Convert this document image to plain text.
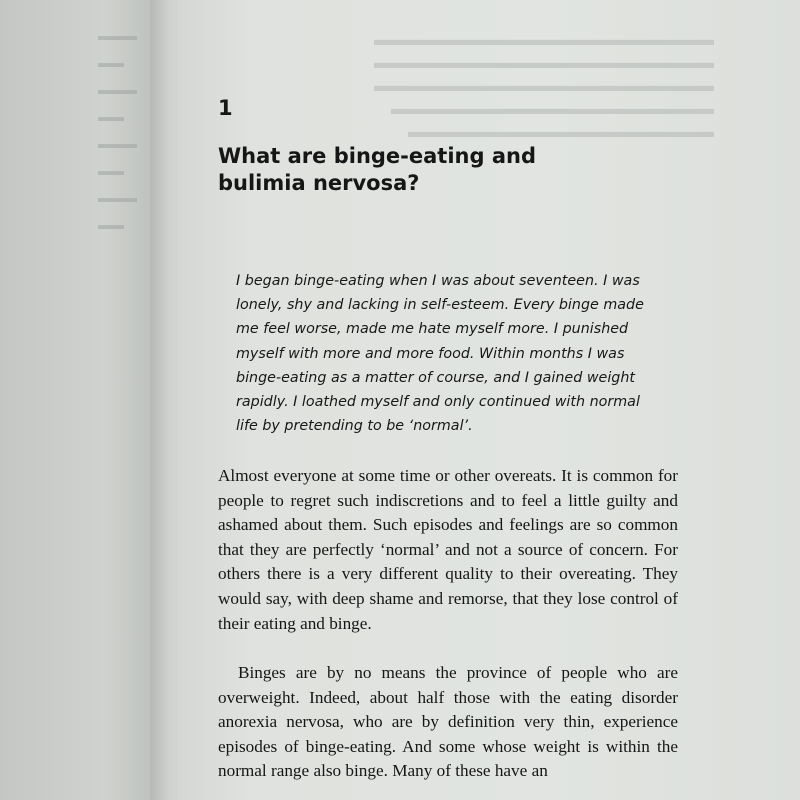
▬▬▬
▬▬
▬▬▬
▬▬
▬▬▬
▬▬
▬▬▬
▬▬
▬▬▬▬▬▬▬▬▬▬▬▬▬▬▬▬▬▬▬▬
▬▬▬▬▬▬▬▬▬▬▬▬▬▬▬▬▬▬▬▬
▬▬▬▬▬▬▬▬▬▬▬▬▬▬▬▬▬▬▬▬
▬▬▬▬▬▬▬▬▬▬▬▬▬▬▬▬▬▬▬
▬▬▬▬▬▬▬▬▬▬▬▬▬▬▬▬▬▬
1
What are binge-eating and bulimia nervosa?
I began binge-eating when I was about seventeen. I was lonely, shy and lacking in self-esteem. Every binge made me feel worse, made me hate myself more. I punished myself with more and more food. Within months I was binge-eating as a matter of course, and I gained weight rapidly. I loathed myself and only continued with normal life by pretending to be ‘normal’.

Almost everyone at some time or other overeats. It is common for people to regret such indiscretions and to feel a little guilty and ashamed about them. Such episodes and feelings are so common that they are perfectly ‘normal’ and not a source of concern. For others there is a very different quality to their overeating. They would say, with deep shame and remorse, that they lose control of their eating and binge.

Binges are by no means the province of people who are overweight. Indeed, about half those with the eating disorder anorexia nervosa, who are by definition very thin, experience episodes of binge-eating. And some whose weight is within the normal range also binge. Many of these have an
